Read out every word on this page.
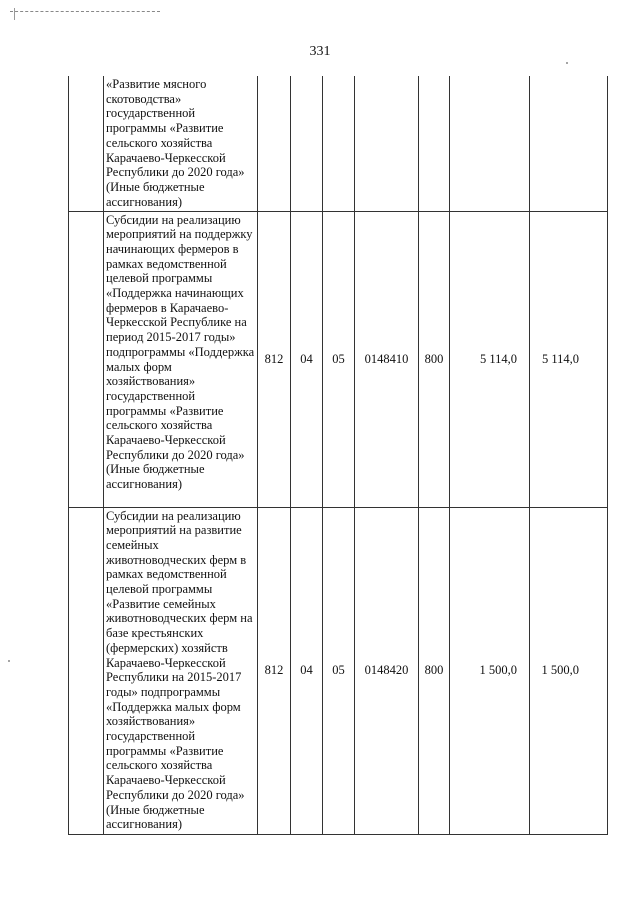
331
	«Развитие мясного скотоводства» государственной программы «Развитие сельского хозяйства Карачаево-Черкесской Республики до 2020 года» (Иные бюджетные ассигнования)							
	Субсидии на реализацию мероприятий на поддержку начинающих фермеров в рамках ведомственной целевой программы «Поддержка начинающих фермеров в Карачаево-Черкесской Республике на период 2015-2017 годы» подпрограммы «Поддержка малых форм хозяйствования» государственной программы «Развитие сельского хозяйства Карачаево-Черкесской Республики до 2020 года» (Иные бюджетные ассигнования)	812	04	05	0148410	800	5 114,0	5 114,0
	Субсидии на реализацию мероприятий на развитие семейных животноводческих ферм в рамках ведомственной целевой программы «Развитие семейных животноводческих ферм на базе крестьянских (фермерских) хозяйств Карачаево-Черкесской Республики на 2015-2017 годы» подпрограммы «Поддержка малых форм хозяйствования» государственной программы «Развитие сельского хозяйства Карачаево-Черкесской Республики до 2020 года» (Иные бюджетные ассигнования)	812	04	05	0148420	800	1 500,0	1 500,0
